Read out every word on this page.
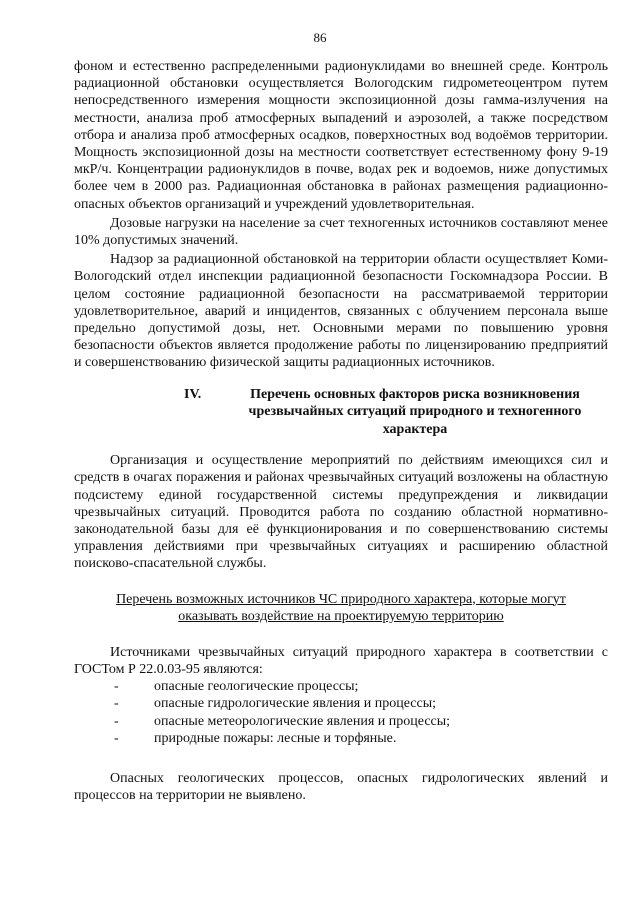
86

фоном и естественно распределенными радионуклидами во внешней среде. Контроль радиационной обстановки осуществляется Вологодским гидрометеоцентром путем непосредственного измерения мощности экспозиционной дозы гамма-излучения на местности, анализа проб атмосферных выпадений и аэрозолей, а также посредством отбора и анализа проб атмосферных осадков, поверхностных вод водоёмов территории. Мощность экспозиционной дозы на местности соответствует естественному фону 9-19 мкР/ч. Концентрации радионуклидов в почве, водах рек и водоемов, ниже допустимых более чем в 2000 раз. Радиационная обстановка в районах размещения радиационно-опасных объектов организаций и учреждений удовлетворительная.

Дозовые нагрузки на население за счет техногенных источников составляют менее 10% допустимых значений.

Надзор за радиационной обстановкой на территории области осуществляет Коми-Вологодский отдел инспекции радиационной безопасности Госкомнадзора России. В целом состояние радиационной безопасности на рассматриваемой территории удовлетворительное, аварий и инцидентов, связанных с облучением персонала выше предельно допустимой дозы, нет. Основными мерами по повышению уровня безопасности объектов является продолжение работы по лицензированию предприятий и совершенствованию физической защиты радиационных источников.

IV.	Перечень основных факторов риска возникновения чрезвычайных ситуаций природного и техногенного характера

Организация и осуществление мероприятий по действиям имеющихся сил и средств в очагах поражения и районах чрезвычайных ситуаций возложены на областную подсистему единой государственной системы предупреждения и ликвидации чрезвычайных ситуаций. Проводится работа по созданию областной нормативно-законодательной базы для её функционирования и по совершенствованию системы управления действиями при чрезвычайных ситуациях и расширению областной поисково-спасательной службы.

Перечень возможных источников ЧС природного характера, которые могут
оказывать воздействие на проектируемую территорию

Источниками чрезвычайных ситуаций природного характера в соответствии с ГОСТом Р 22.0.03-95 являются:

-	опасные геологические процессы;
-	опасные гидрологические явления и процессы;
-	опасные метеорологические явления и процессы;
-	природные пожары: лесные и торфяные.

Опасных геологических процессов, опасных гидрологических явлений и процессов на территории не выявлено.
